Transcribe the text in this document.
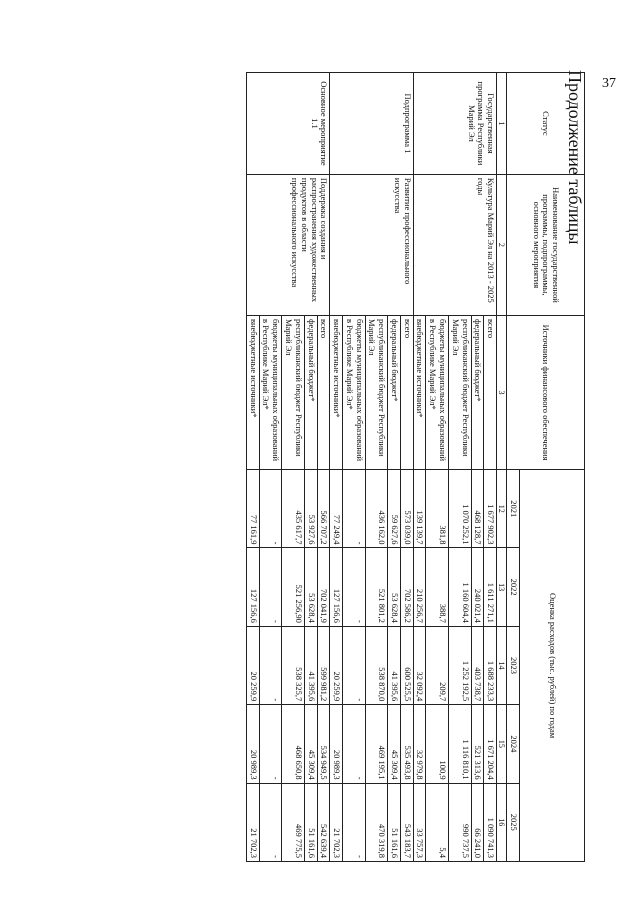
37
Продолжение таблицы
Статус	Наименование государственной программы, подпрограммы, основного мероприятия	Источники финансового обеспечения	Оценка расходов (тыс. рублей) по годам				
			2021	2022	2023	2024	2025
1	2	3	12	13	14	15	16
Государственная программа Республики Марий Эл	Культура Марий Эл на 2013 - 2025 годы	всего	1 677 902,3	1 611 271,1	1 688 233,3	1 671 204,4	1 090 741,3
		федеральный бюджет*	468 128,7	240 021,4	403 738,7	521 313,6	66 241,0
		республиканский бюджет Республики Марий Эл	1 070 252,1	1 160 604,4	1 252 192,5	1 116 810,1	990 737,5
		бюджеты муниципальных образований в Республике Марий Эл*	381,8	388,7	209,7	100,9	5,4
		внебюджетные источники*	139 139,7	210 256,7	32 092,4	32 979,8	33 757,3
Подпрограмма 1	Развитие профессионального искусства	всего	573 039,0	702 586,2	600 525,5	535 493,8	543 183,7
		федеральный бюджет*	59 627,6	53 628,4	41 395,6	45 309,4	51 161,6
		республиканский бюджет Республики Марий Эл	436 162,0	521 801,2	538 870,0	469 195,1	470 319,8
		бюджеты муниципальных образований в Республике Марий Эл*	-	-	-	-	-
		внебюджетные источники*	77 249,4	127 156,6	20 259,9	20 989,3	21 702,3
Основное мероприятие 1.1	Поддержка создания и распространения художественных продуктов в области профессионального искусства	всего	566 707,2	702 041,9	599 981,2	534 949,5	542 639,4
		федеральный бюджет*	53 927,6	53 628,4	41 395,6	45 309,4	51 161,6
		республиканский бюджет Республики Марий Эл	435 617,7	521 256,90	538 325,7	468 650,8	469 775,5
		бюджеты муниципальных образований в Республике Марий Эл*	-	-	-	-	-
		внебюджетные источники*	77 161,9	127 156,6	20 259,9	20 989,3	21 702,3
